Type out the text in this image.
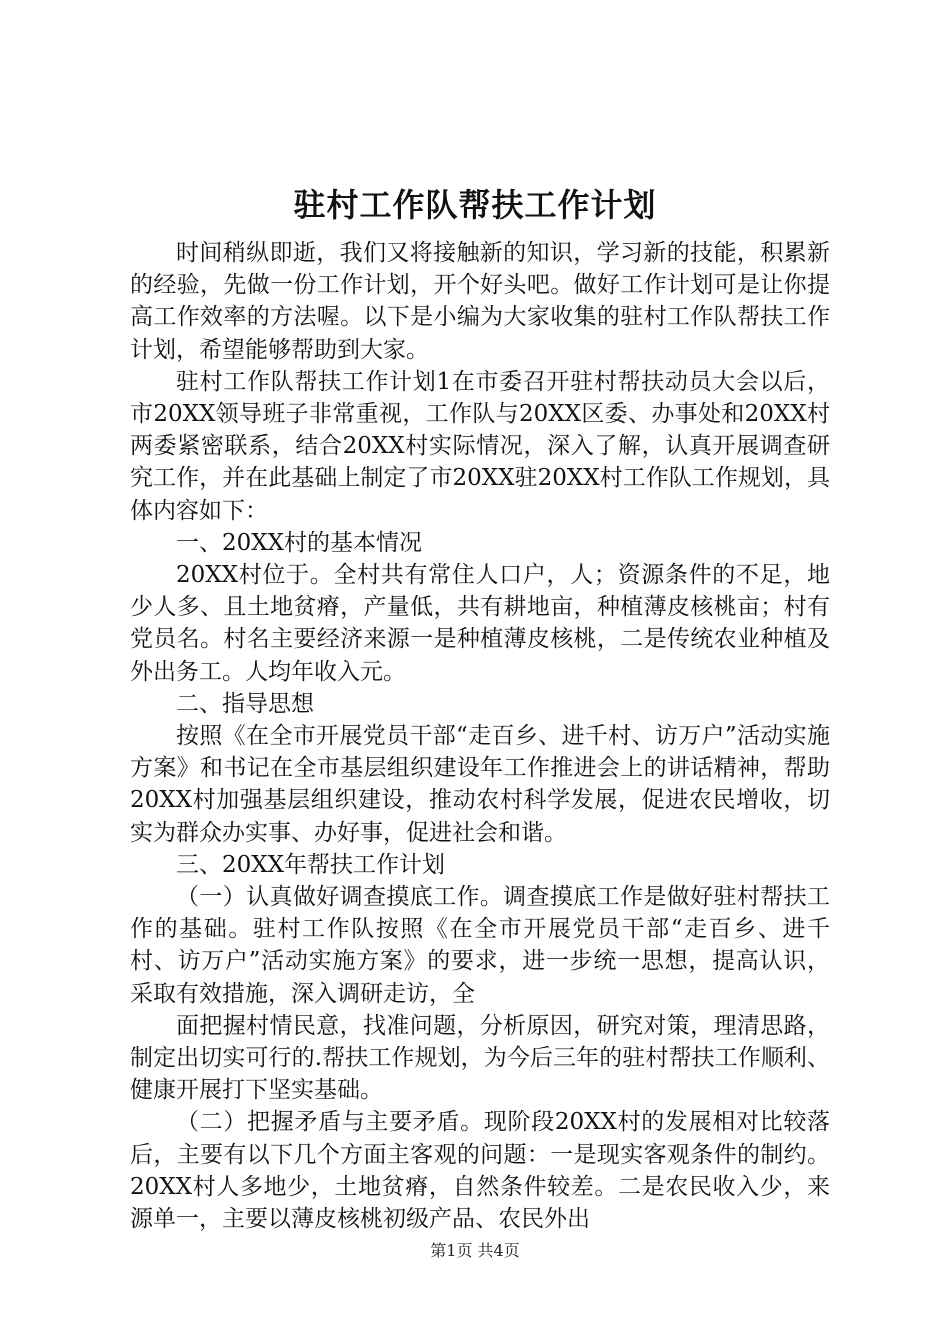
驻村工作队帮扶工作计划

时间稍纵即逝，我们又将接触新的知识，学习新的技能，积累新的经验，先做一份工作计划，开个好头吧。做好工作计划可是让你提高工作效率的方法喔。以下是小编为大家收集的驻村工作队帮扶工作计划，希望能够帮助到大家。

驻村工作队帮扶工作计划1在市委召开驻村帮扶动员大会以后，市20XX领导班子非常重视，工作队与20XX区委、办事处和20XX村两委紧密联系，结合20XX村实际情况，深入了解，认真开展调查研究工作，并在此基础上制定了市20XX驻20XX村工作队工作规划，具体内容如下：

一、20XX村的基本情况

20XX村位于。全村共有常住人口户，人；资源条件的不足，地少人多、且土地贫瘠，产量低，共有耕地亩，种植薄皮核桃亩；村有党员名。村名主要经济来源一是种植薄皮核桃，二是传统农业种植及外出务工。人均年收入元。

二、指导思想

按照《在全市开展党员干部“走百乡、进千村、访万户”活动实施方案》和书记在全市基层组织建设年工作推进会上的讲话精神，帮助20XX村加强基层组织建设，推动农村科学发展，促进农民增收，切实为群众办实事、办好事，促进社会和谐。

三、20XX年帮扶工作计划

（一）认真做好调查摸底工作。调查摸底工作是做好驻村帮扶工作的基础。驻村工作队按照《在全市开展党员干部“走百乡、进千村、访万户”活动实施方案》的要求，进一步统一思想，提高认识，采取有效措施，深入调研走访，全

面把握村情民意，找准问题，分析原因，研究对策，理清思路，制定出切实可行的.帮扶工作规划，为今后三年的驻村帮扶工作顺利、健康开展打下坚实基础。

（二）把握矛盾与主要矛盾。现阶段20XX村的发展相对比较落后，主要有以下几个方面主客观的问题：一是现实客观条件的制约。20XX村人多地少，土地贫瘠，自然条件较差。二是农民收入少，来源单一，主要以薄皮核桃初级产品、农民外出

第1页 共4页
